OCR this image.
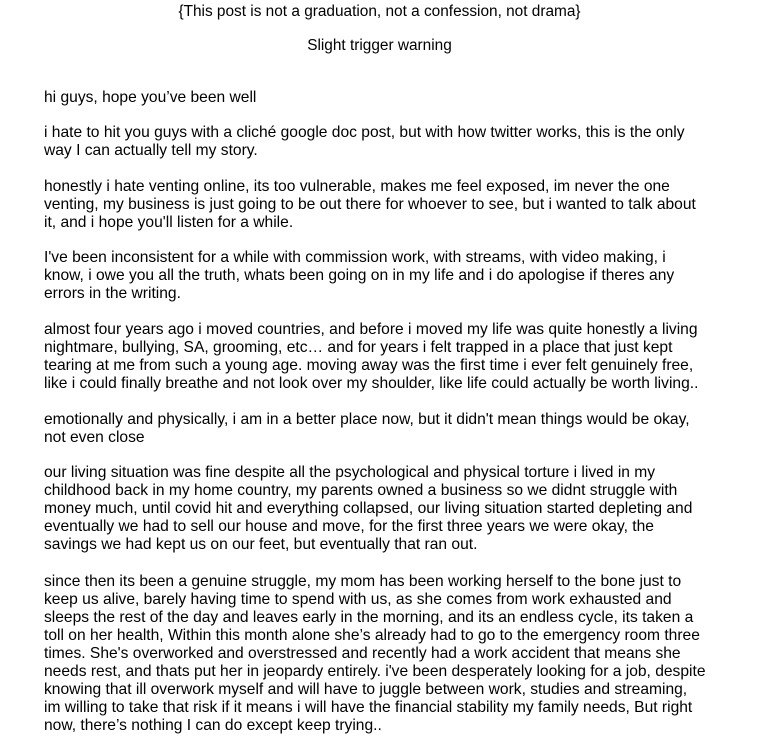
{This post is not a graduation, not a confession, not drama}
Slight trigger warning

hi guys, hope you’ve been well

i hate to hit you guys with a cliché google doc post, but with how twitter works, this is the only
way I can actually tell my story.

honestly i hate venting online, its too vulnerable, makes me feel exposed, im never the one
venting, my business is just going to be out there for whoever to see, but i wanted to talk about
it, and i hope you'll listen for a while.

I've been inconsistent for a while with commission work, with streams, with video making, i
know, i owe you all the truth, whats been going on in my life and i do apologise if theres any
errors in the writing.

almost four years ago i moved countries, and before i moved my life was quite honestly a living
nightmare, bullying, SA, grooming, etc… and for years i felt trapped in a place that just kept
tearing at me from such a young age. moving away was the first time i ever felt genuinely free,
like i could finally breathe and not look over my shoulder, like life could actually be worth living..

emotionally and physically, i am in a better place now, but it didn't mean things would be okay,
not even close

our living situation was fine despite all the psychological and physical torture i lived in my
childhood back in my home country, my parents owned a business so we didnt struggle with
money much, until covid hit and everything collapsed, our living situation started depleting and
eventually we had to sell our house and move, for the first three years we were okay, the
savings we had kept us on our feet, but eventually that ran out.

since then its been a genuine struggle, my mom has been working herself to the bone just to
keep us alive, barely having time to spend with us, as she comes from work exhausted and
sleeps the rest of the day and leaves early in the morning, and its an endless cycle, its taken a
toll on her health, Within this month alone she’s already had to go to the emergency room three
times. She's overworked and overstressed and recently had a work accident that means she
needs rest, and thats put her in jeopardy entirely. i've been desperately looking for a job, despite
knowing that ill overwork myself and will have to juggle between work, studies and streaming,
im willing to take that risk if it means i will have the financial stability my family needs, But right
now, there’s nothing I can do except keep trying..
